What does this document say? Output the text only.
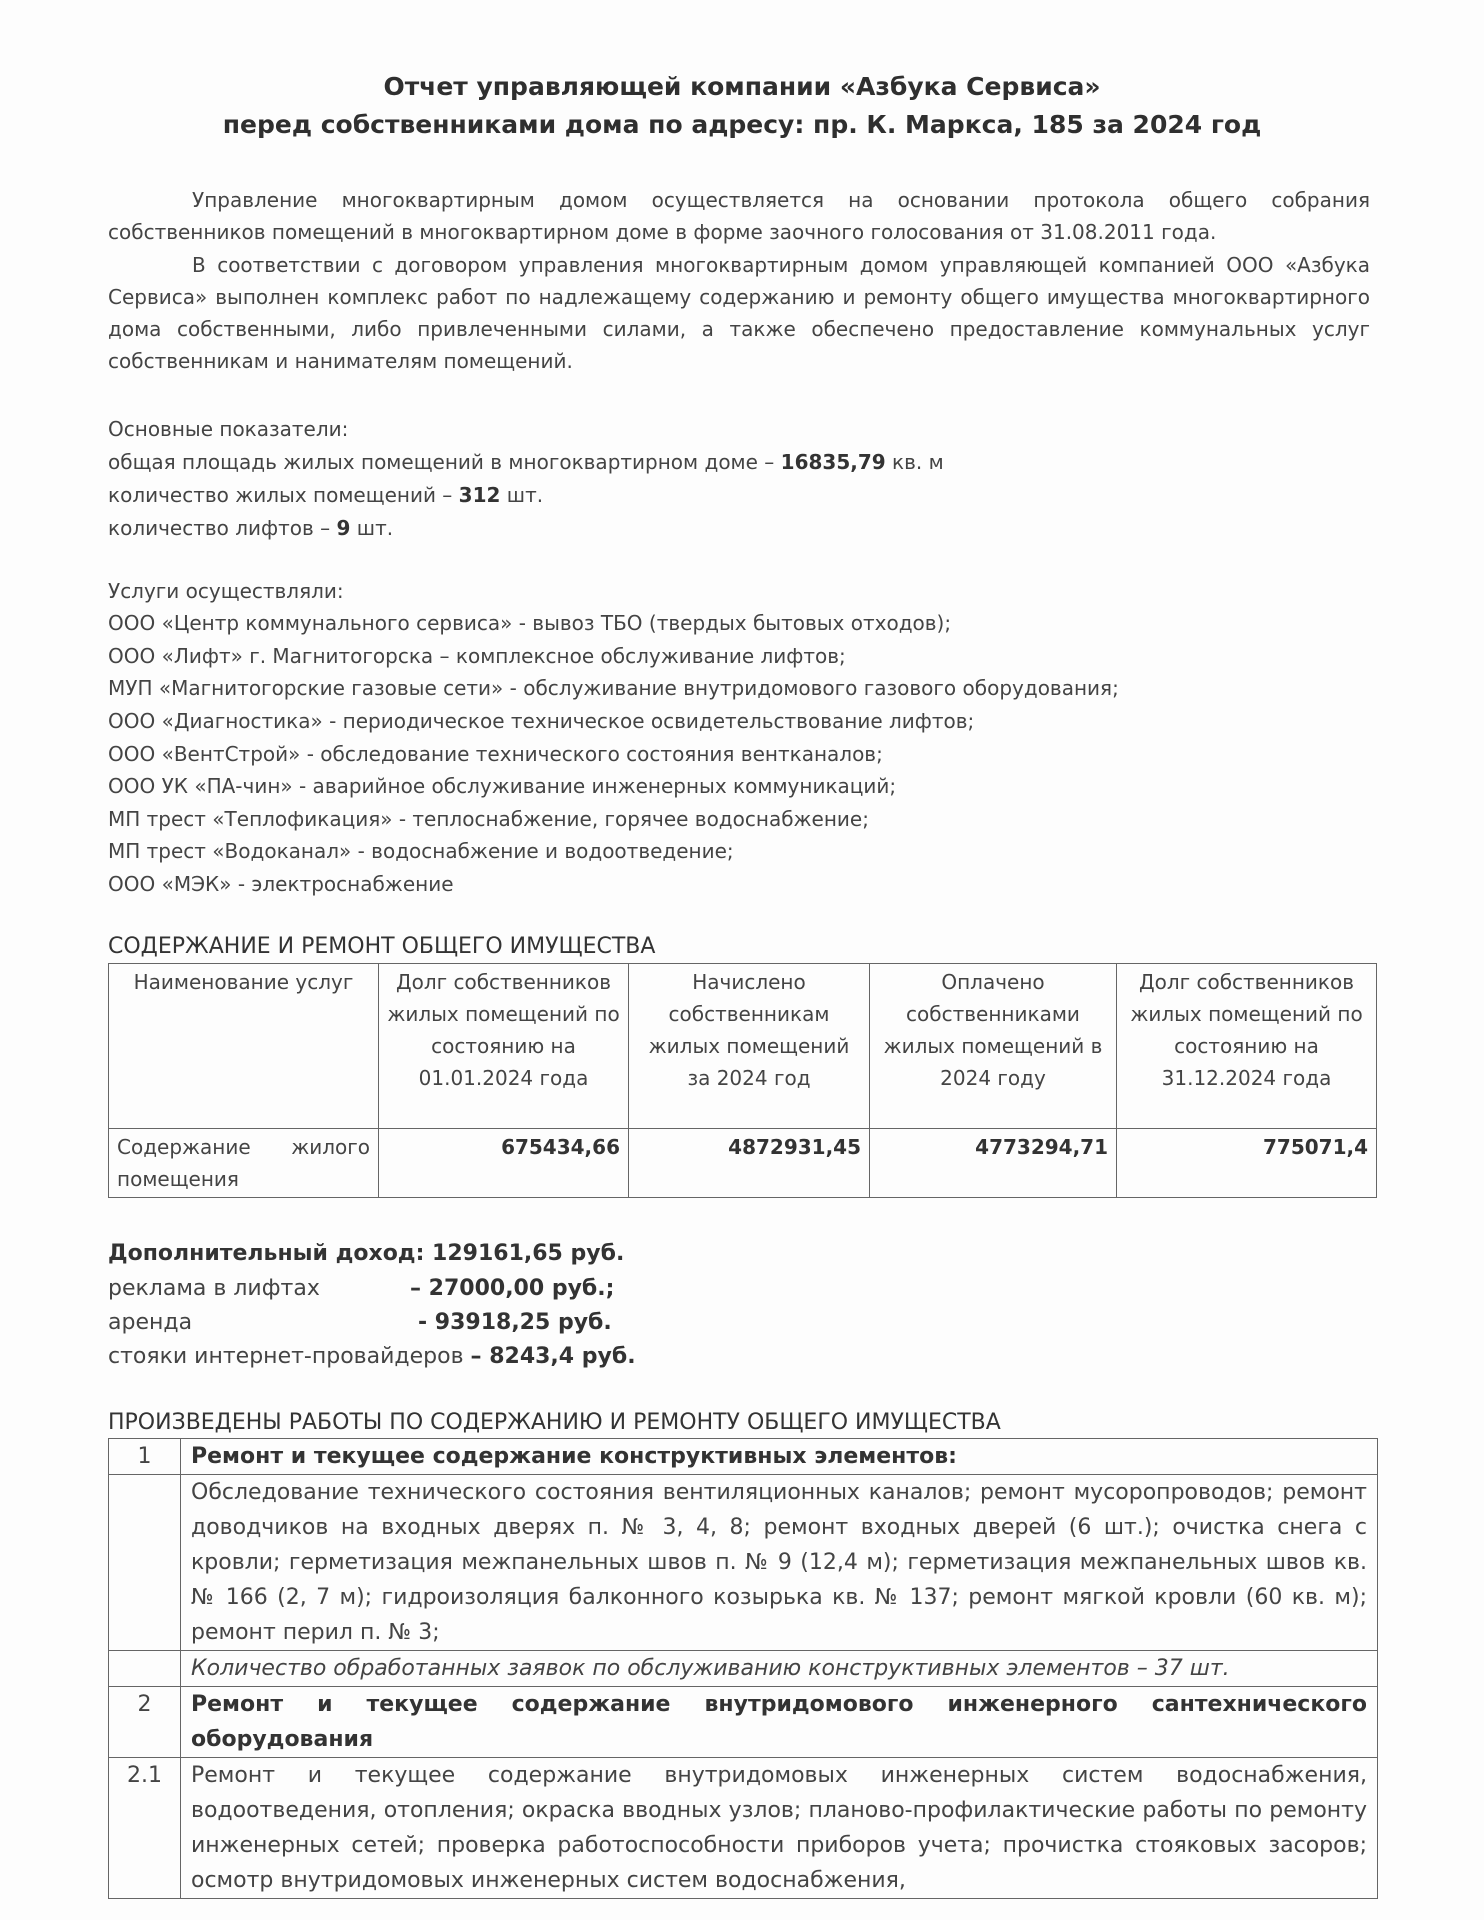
Отчет управляющей компании «Азбука Сервиса»
перед собственниками дома по адресу: пр. К. Маркса, 185 за 2024 год
Управление многоквартирным домом осуществляется на основании протокола общего собрания собственников помещений в многоквартирном доме в форме заочного голосования от 31.08.2011 года.
В соответствии с договором управления многоквартирным домом управляющей компанией ООО «Азбука Сервиса» выполнен комплекс работ по надлежащему содержанию и ремонту общего имущества многоквартирного дома собственными, либо привлеченными силами, а также обеспечено предоставление коммунальных услуг собственникам и нанимателям помещений.
Основные показатели:
общая площадь жилых помещений в многоквартирном доме – 16835,79 кв. м
количество жилых помещений – 312 шт.
количество лифтов – 9 шт.
Услуги осуществляли:
ООО «Центр коммунального сервиса» - вывоз ТБО (твердых бытовых отходов);
ООО «Лифт» г. Магнитогорска – комплексное обслуживание лифтов;
МУП «Магнитогорские газовые сети» - обслуживание внутридомового газового оборудования;
ООО «Диагностика» - периодическое техническое освидетельствование лифтов;
ООО «ВентСтрой» - обследование технического состояния вентканалов;
ООО УК «ПА-чин» - аварийное обслуживание инженерных коммуникаций;
МП трест «Теплофикация» - теплоснабжение, горячее водоснабжение;
МП трест «Водоканал» - водоснабжение и водоотведение;
ООО «МЭК» - электроснабжение
СОДЕРЖАНИЕ И РЕМОНТ ОБЩЕГО ИМУЩЕСТВА
Наименование услуг	Долг собственников жилых помещений по состоянию на 01.01.2024 года	Начислено собственникам жилых помещений за 2024 год	Оплачено собственниками жилых помещений в 2024 году	Долг собственников жилых помещений по состоянию на 31.12.2024 года
Содержание жилого помещения	675434,66	4872931,45	4773294,71	775071,4
Дополнительный доход: 129161,65 руб.
реклама в лифтах	– 27000,00 руб.;
аренда	- 93918,25 руб.
стояки интернет-провайдеров – 8243,4 руб.
ПРОИЗВЕДЕНЫ РАБОТЫ ПО СОДЕРЖАНИЮ И РЕМОНТУ ОБЩЕГО ИМУЩЕСТВА
1	Ремонт и текущее содержание конструктивных элементов:
	Обследование технического состояния вентиляционных каналов; ремонт мусоропроводов; ремонт доводчиков на входных дверях п. № 3, 4, 8; ремонт входных дверей (6 шт.); очистка снега с кровли; герметизация межпанельных швов п. № 9 (12,4 м); герметизация межпанельных швов кв. № 166 (2, 7 м); гидроизоляция балконного козырька кв. № 137; ремонт мягкой кровли (60 кв. м); ремонт перил п. № 3;
	Количество обработанных заявок по обслуживанию конструктивных элементов – 37 шт.
2	Ремонт и текущее содержание внутридомового инженерного сантехнического оборудования
2.1	Ремонт и текущее содержание внутридомовых инженерных систем водоснабжения, водоотведения, отопления; окраска вводных узлов; планово-профилактические работы по ремонту инженерных сетей; проверка работоспособности приборов учета; прочистка стояковых засоров; осмотр внутридомовых инженерных систем водоснабжения,
